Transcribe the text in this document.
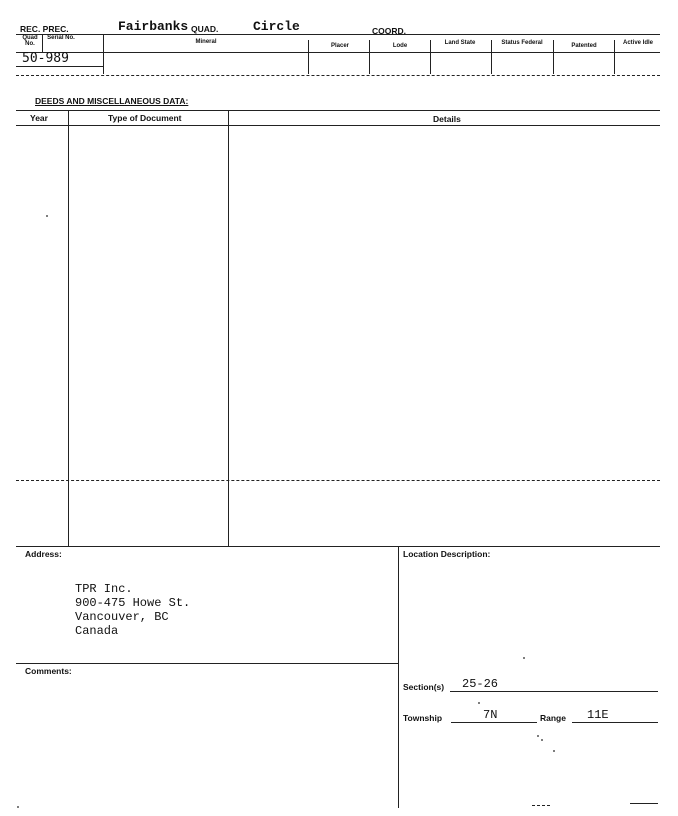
REC. PREC.	Fairbanks QUAD.	Circle	COORD.
Quad No.
Serial No.
Mineral
Placer	Lode	Land State	Status Federal	Patented	Active Idle
50-989
DEEDS AND MISCELLANEOUS DATA:
Year	Type of Document	Details
Address:
TPR Inc.
900-475 Howe St.
Vancouver, BC
Canada
Comments:
Location Description:
Section(s) 25-26
Township	7N	Range 11E
